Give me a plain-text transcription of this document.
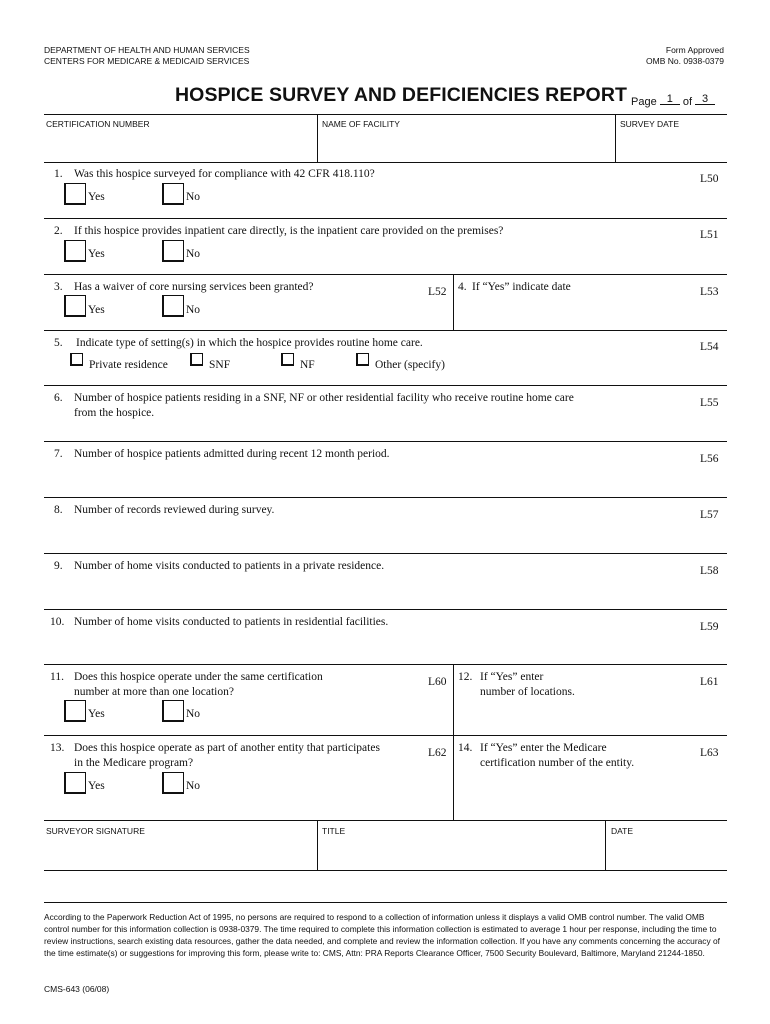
DEPARTMENT OF HEALTH AND HUMAN SERVICES
CENTERS FOR MEDICARE & MEDICAID SERVICES
Form Approved
OMB No. 0938-0379
HOSPICE SURVEY AND DEFICIENCIES REPORT Page 1 of 3
CERTIFICATION NUMBER	NAME OF FACILITY	SURVEY DATE
1. Was this hospice surveyed for compliance with 42 CFR 418.110?	L50
Yes	No
2. If this hospice provides inpatient care directly, is the inpatient care provided on the premises?	L51
Yes	No
3. Has a waiver of core nursing services been granted?	L52
Yes	No
4. If “Yes” indicate date	L53
5. Indicate type of setting(s) in which the hospice provides routine home care.	L54
Private residence	SNF	NF	Other (specify)
6. Number of hospice patients residing in a SNF, NF or other residential facility who receive routine home care
from the hospice.
L55
7. Number of hospice patients admitted during recent 12 month period.	L56
8. Number of records reviewed during survey.	L57
9. Number of home visits conducted to patients in a private residence.	L58
10. Number of home visits conducted to patients in residential facilities.	L59
11. Does this hospice operate under the same certification
number at more than one location?
L60
Yes	No
12. If “Yes” enter
number of locations.
L61
13. Does this hospice operate as part of another entity that participates
in the Medicare program?
L62
Yes	No
14. If “Yes” enter the Medicare
certification number of the entity.
L63
SURVEYOR SIGNATURE	TITLE	DATE
According to the Paperwork Reduction Act of 1995, no persons are required to respond to a collection of information unless it displays a valid OMB control number. The valid OMB control number for this information collection is 0938-0379. The time required to complete this information collection is estimated to average 1 hour per response, including the time to review instructions, search existing data resources, gather the data needed, and complete and review the information collection. If you have any comments concerning the accuracy of the time estimate(s) or suggestions for improving this form, please write to: CMS, Attn: PRA Reports Clearance Officer, 7500 Security Boulevard, Baltimore, Maryland 21244-1850.
CMS-643 (06/08)
